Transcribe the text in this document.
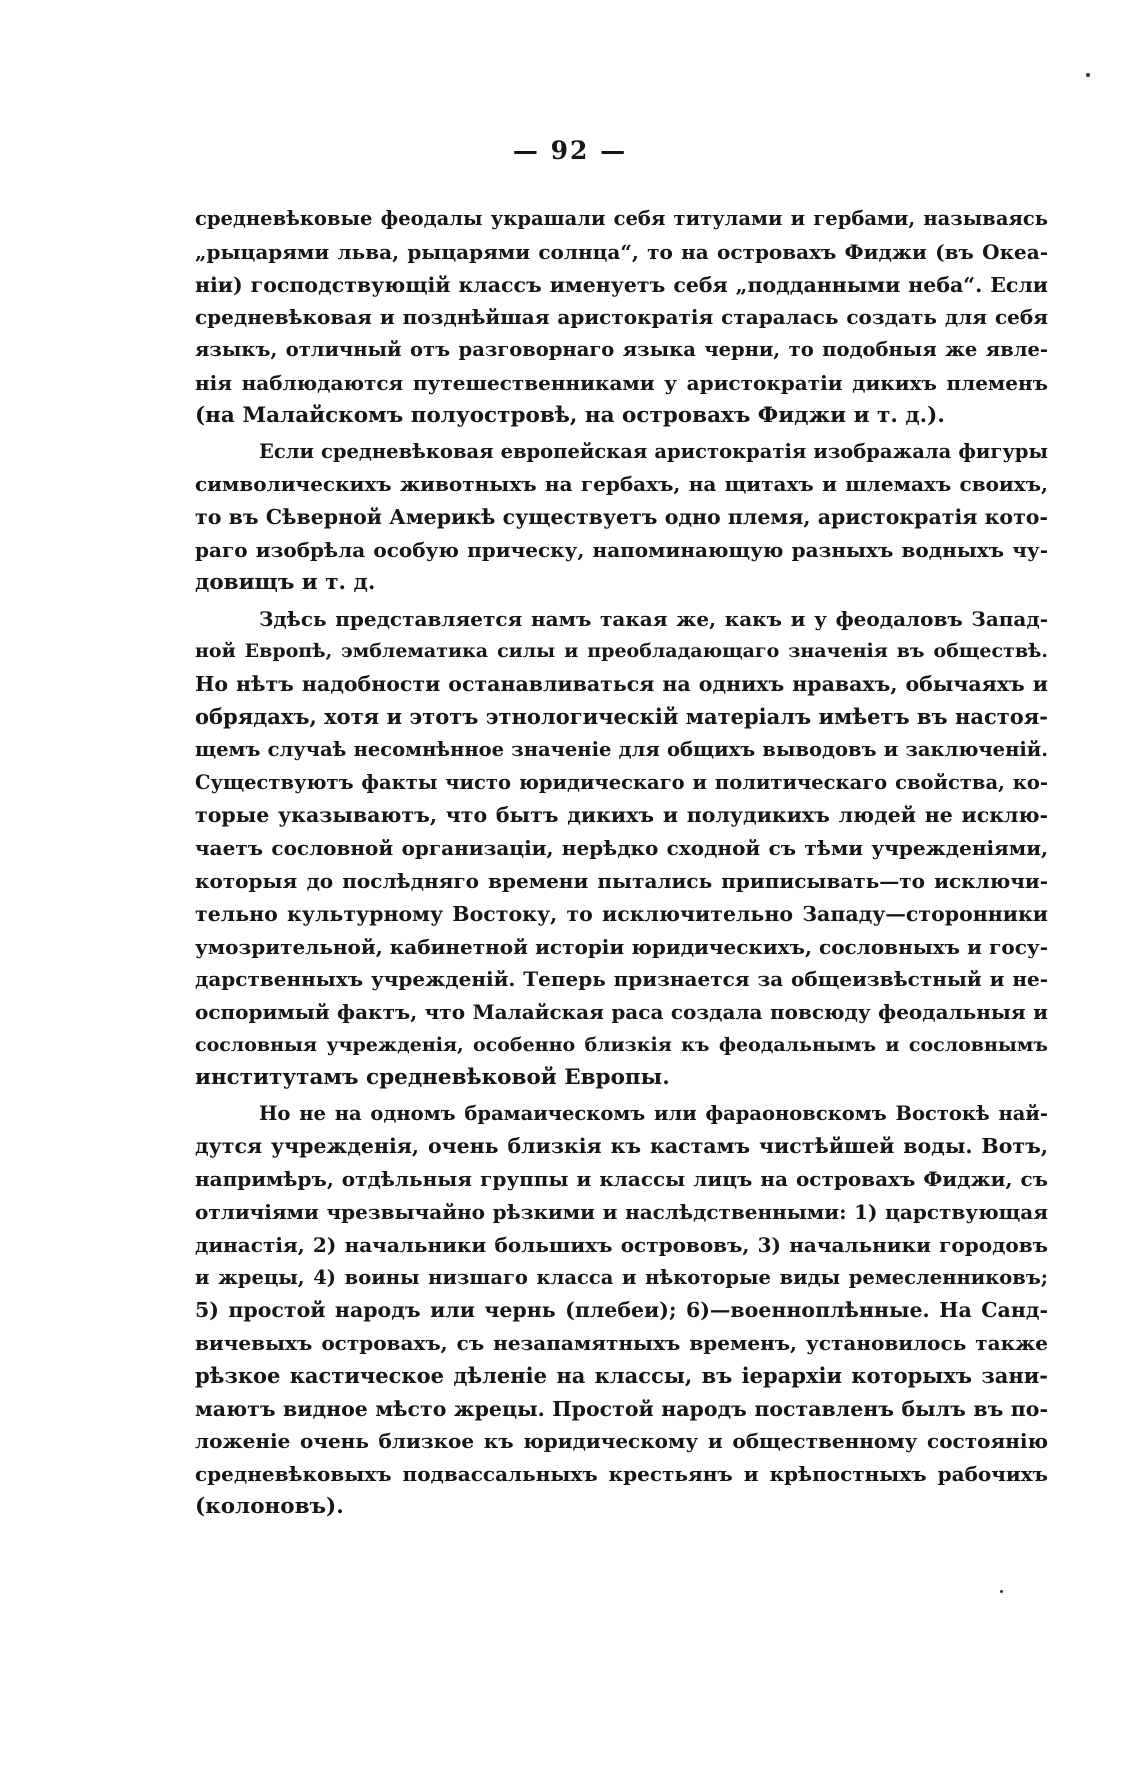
— 92 —
средневѣковые феодалы украшали себя титулами и гербами, называясь
„рыцарями льва, рыцарями солнца“, то на островахъ Фиджи (въ Океа-
ніи) господствующій классъ именуетъ себя „подданными неба“. Если
средневѣковая и позднѣйшая аристократія старалась создать для себя
языкъ, отличный отъ разговорнаго языка черни, то подобныя же явле-
нія наблюдаются путешественниками у аристократіи дикихъ племенъ
(на Малайскомъ полуостровѣ, на островахъ Фиджи и т. д.).
Если средневѣковая европейская аристократія изображала фигуры
символическихъ животныхъ на гербахъ, на щитахъ и шлемахъ своихъ,
то въ Сѣверной Америкѣ существуетъ одно племя, аристократія кото-
раго изобрѣла особую прическу, напоминающую разныхъ водныхъ чу-
довищъ и т. д.
Здѣсь представляется намъ такая же, какъ и у феодаловъ Запад-
ной Европѣ, эмблематика силы и преобладающаго значенія въ обществѣ.
Но нѣтъ надобности останавливаться на однихъ нравахъ, обычаяхъ и
обрядахъ, хотя и этотъ этнологическій матеріалъ имѣетъ въ настоя-
щемъ случаѣ несомнѣнное значеніе для общихъ выводовъ и заключеній.
Существуютъ факты чисто юридическаго и политическаго свойства, ко-
торые указываютъ, что бытъ дикихъ и полудикихъ людей не исклю-
чаетъ сословной организаціи, нерѣдко сходной съ тѣми учрежденіями,
которыя до послѣдняго времени пытались приписывать—то исключи-
тельно культурному Востоку, то исключительно Западу—сторонники
умозрительной, кабинетной исторіи юридическихъ, сословныхъ и госу-
дарственныхъ учрежденій. Теперь признается за общеизвѣстный и не-
оспоримый фактъ, что Малайская раса создала повсюду феодальныя и
сословныя учрежденія, особенно близкія къ феодальнымъ и сословнымъ
институтамъ средневѣковой Европы.
Но не на одномъ брамаическомъ или фараоновскомъ Востокѣ най-
дутся учрежденія, очень близкія къ кастамъ чистѣйшей воды. Вотъ,
напримѣръ, отдѣльныя группы и классы лицъ на островахъ Фиджи, съ
отличіями чрезвычайно рѣзкими и наслѣдственными: 1) царствующая
династія, 2) начальники большихъ острововъ, 3) начальники городовъ
и жрецы, 4) воины низшаго класса и нѣкоторые виды ремесленниковъ;
5) простой народъ или чернь (плебеи); 6)—военноплѣнные. На Санд-
вичевыхъ островахъ, съ незапамятныхъ временъ, установилось также
рѣзкое кастическое дѣленіе на классы, въ іерархіи которыхъ зани-
маютъ видное мѣсто жрецы. Простой народъ поставленъ былъ въ по-
ложеніе очень близкое къ юридическому и общественному состоянію
средневѣковыхъ подвассальныхъ крестьянъ и крѣпостныхъ рабочихъ
(колоновъ).
